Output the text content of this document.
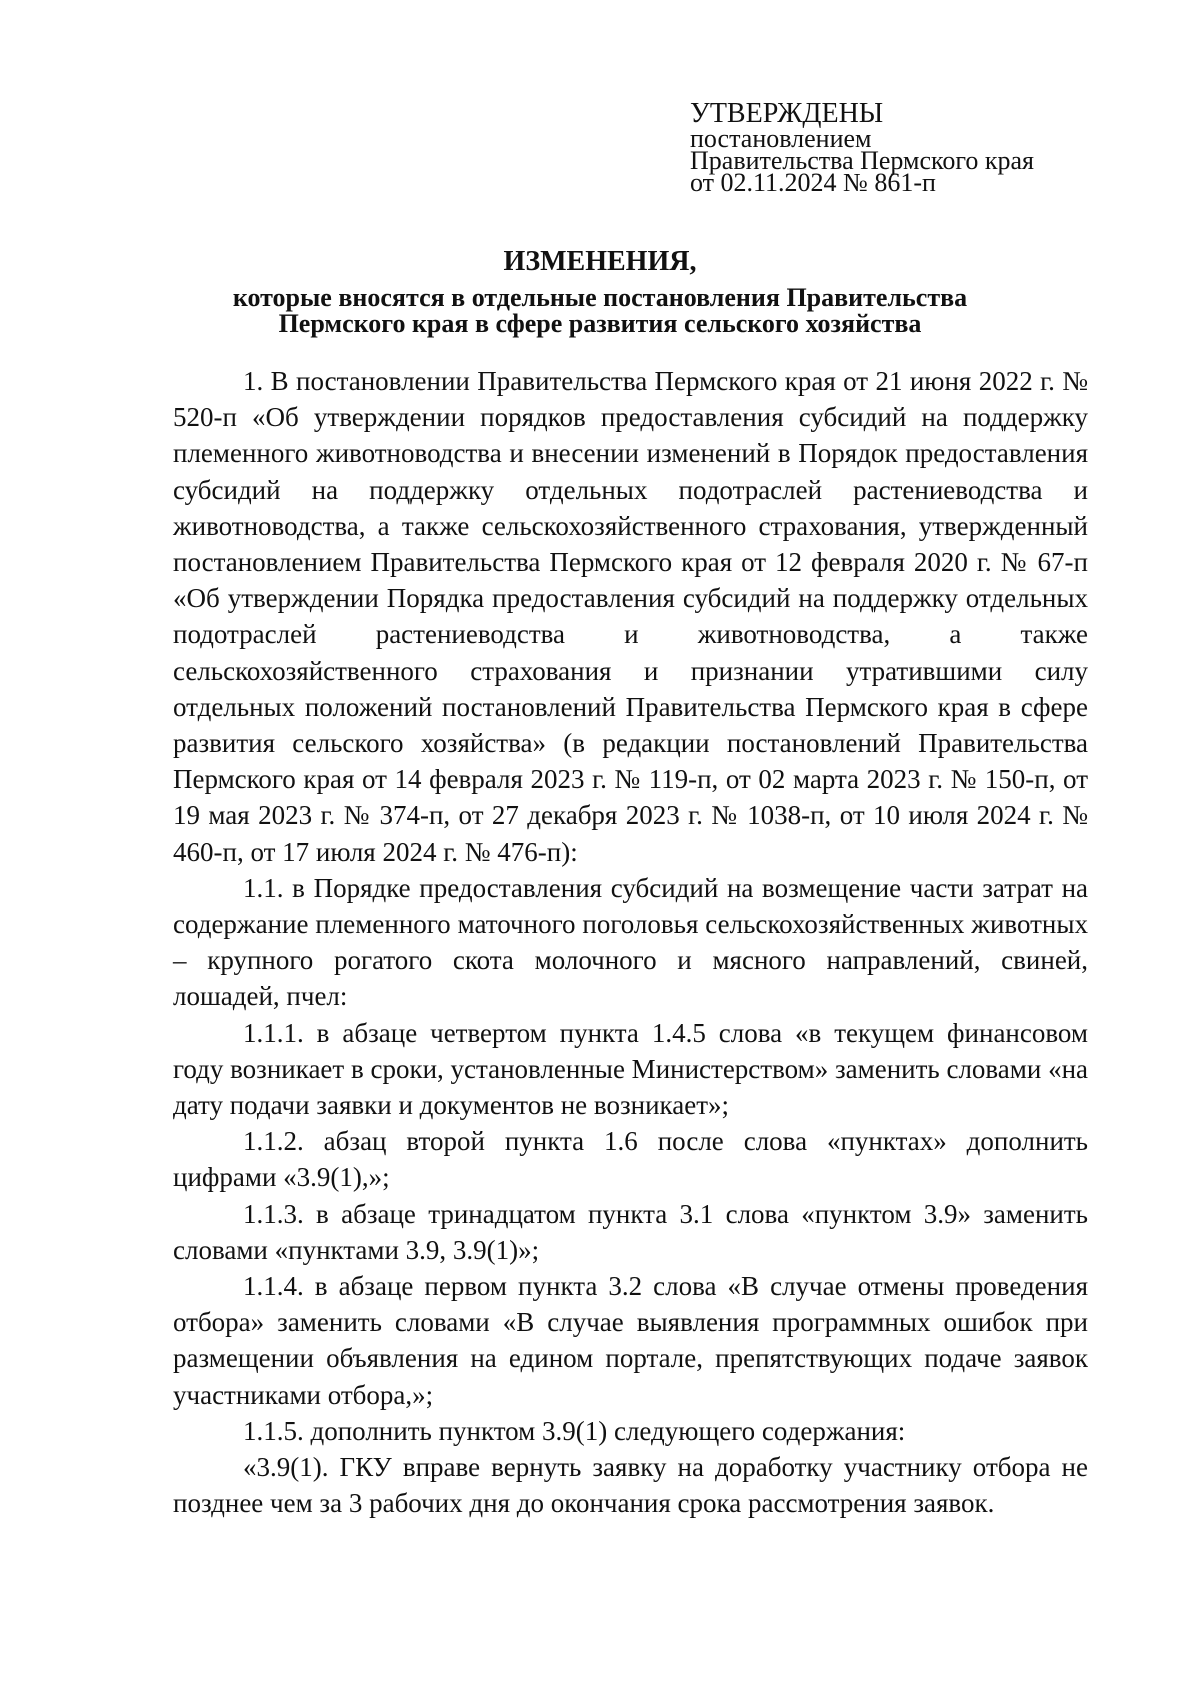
УТВЕРЖДЕНЫ
постановлением
Правительства Пермского края
от 02.11.2024 № 861-п
ИЗМЕНЕНИЯ,
которые вносятся в отдельные постановления Правительства
Пермского края в сфере развития сельского хозяйства

1. В постановлении Правительства Пермского края от 21 июня 2022 г. № 520-п «Об утверждении порядков предоставления субсидий на поддержку племенного животноводства и внесении изменений в Порядок предоставления субсидий на поддержку отдельных подотраслей растениеводства и животноводства, а также сельскохозяйственного страхования, утвержденный постановлением Правительства Пермского края от 12 февраля 2020 г. № 67-п «Об утверждении Порядка предоставления субсидий на поддержку отдельных подотраслей растениеводства и животноводства, а также сельскохозяйственного страхования и признании утратившими силу отдельных положений постановлений Правительства Пермского края в сфере развития сельского хозяйства» (в редакции постановлений Правительства Пермского края от 14 февраля 2023 г. № 119-п, от 02 марта 2023 г. № 150-п, от 19 мая 2023 г. № 374-п, от 27 декабря 2023 г. № 1038-п, от 10 июля 2024 г. № 460-п, от 17 июля 2024 г. № 476-п):

1.1. в Порядке предоставления субсидий на возмещение части затрат на содержание племенного маточного поголовья сельскохозяйственных животных – крупного рогатого скота молочного и мясного направлений, свиней, лошадей, пчел:

1.1.1. в абзаце четвертом пункта 1.4.5 слова «в текущем финансовом году возникает в сроки, установленные Министерством» заменить словами «на дату подачи заявки и документов не возникает»;

1.1.2. абзац второй пункта 1.6 после слова «пунктах» дополнить цифрами «3.9(1),»;

1.1.3. в абзаце тринадцатом пункта 3.1 слова «пунктом 3.9» заменить словами «пунктами 3.9, 3.9(1)»;

1.1.4. в абзаце первом пункта 3.2 слова «В случае отмены проведения отбора» заменить словами «В случае выявления программных ошибок при размещении объявления на едином портале, препятствующих подаче заявок участниками отбора,»;

1.1.5. дополнить пунктом 3.9(1) следующего содержания:

«3.9(1). ГКУ вправе вернуть заявку на доработку участнику отбора не позднее чем за 3 рабочих дня до окончания срока рассмотрения заявок.
